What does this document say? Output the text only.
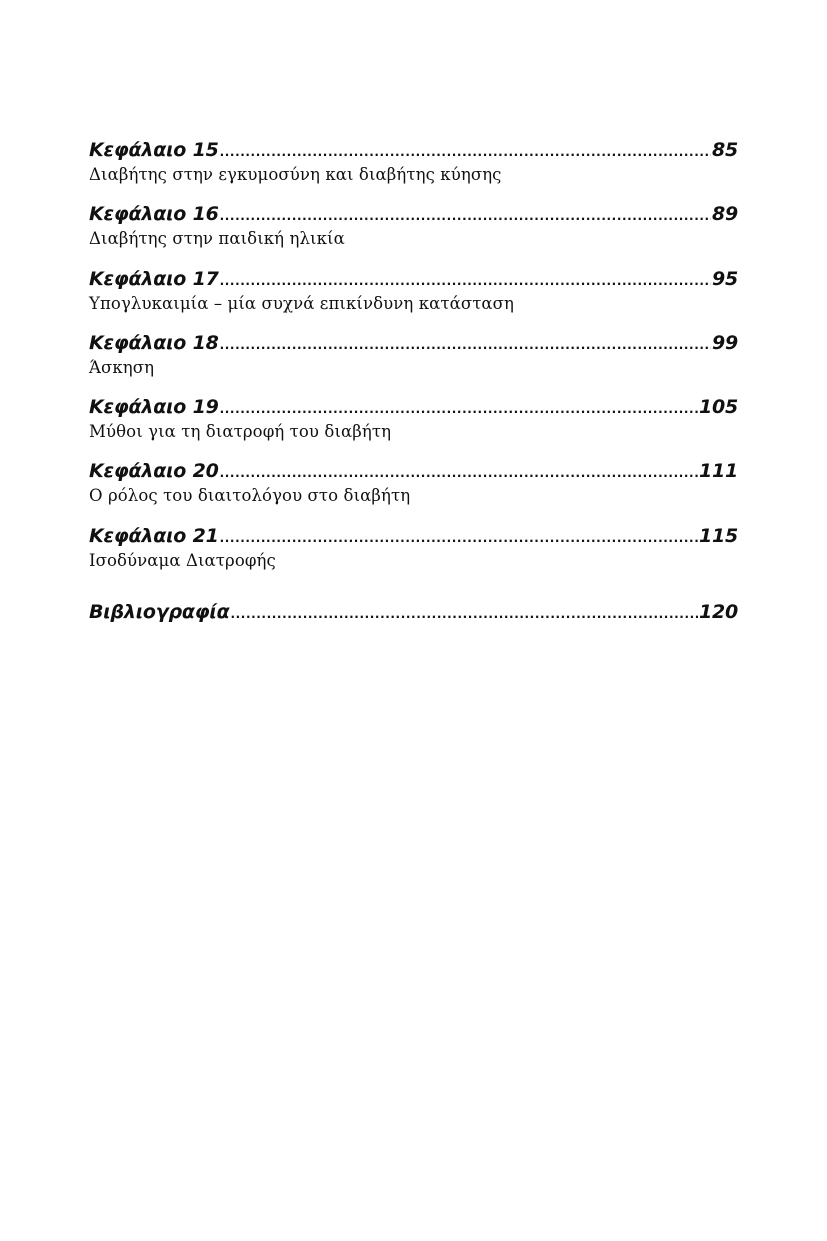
Κεφάλαιο 15 .....	85
Διαβήτης στην εγκυμοσύνη και διαβήτης κύησης
Κεφάλαιο 16 .....	89
Διαβήτης στην παιδική ηλικία
Κεφάλαιο 17 .....	95
Υπογλυκαιμία – μία συχνά επικίνδυνη κατάσταση
Κεφάλαιο 18 .....	99
Άσκηση
Κεφάλαιο 19 .....	105
Μύθοι για τη διατροφή του διαβήτη
Κεφάλαιο 20 .....	111
Ο ρόλος του διαιτολόγου στο διαβήτη
Κεφάλαιο 21 .....	115
Ισοδύναμα Διατροφής
Βιβλιογραφία .....	120
